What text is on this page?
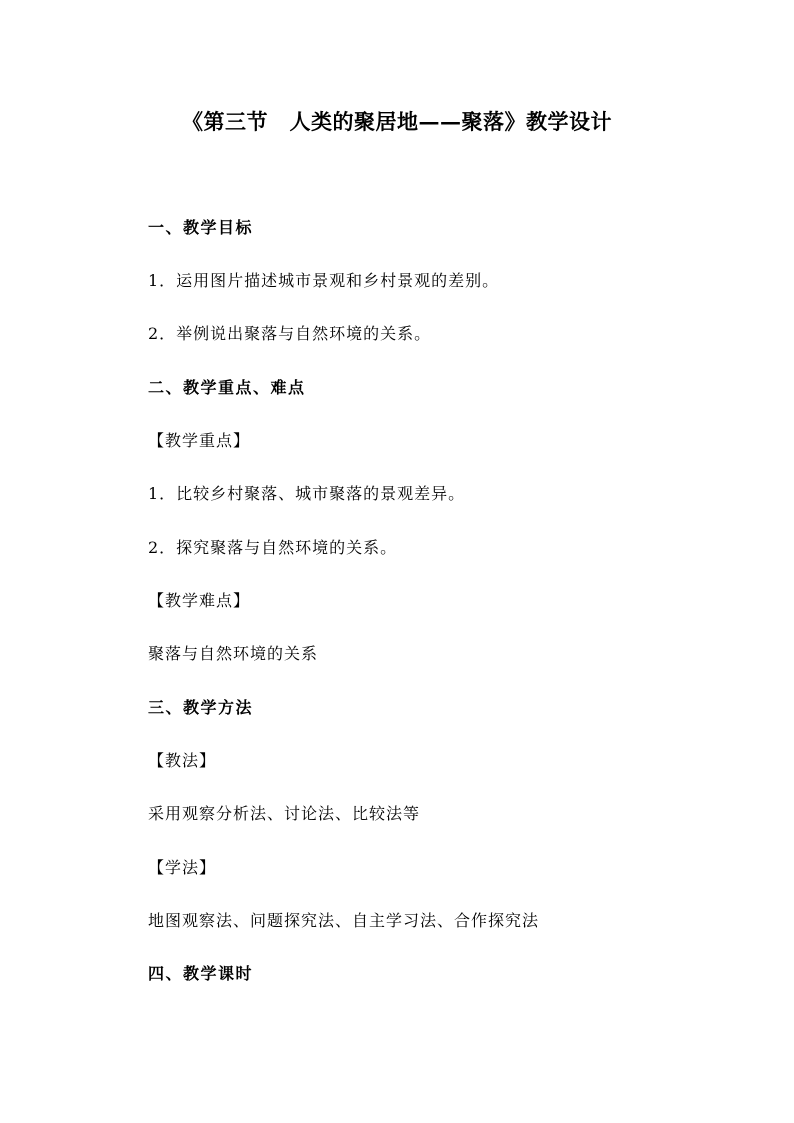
《第三节　人类的聚居地——聚落》教学设计
一、教学目标
1．运用图片描述城市景观和乡村景观的差别。
2．举例说出聚落与自然环境的关系。
二、教学重点、难点
【教学重点】
1．比较乡村聚落、城市聚落的景观差异。
2．探究聚落与自然环境的关系。
【教学难点】
聚落与自然环境的关系
三、教学方法
【教法】
采用观察分析法、讨论法、比较法等
【学法】
地图观察法、问题探究法、自主学习法、合作探究法
四、教学课时
